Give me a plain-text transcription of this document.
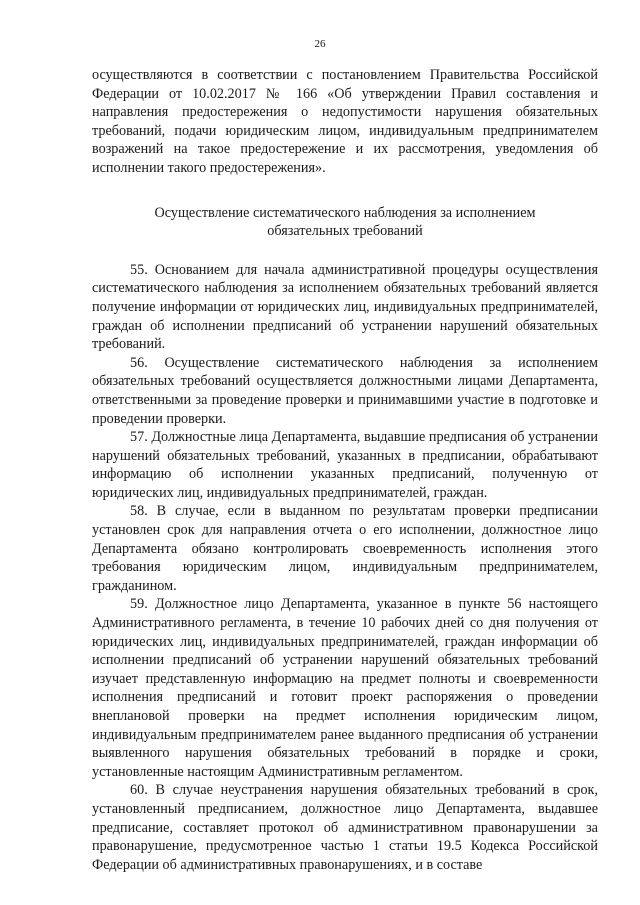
26

осуществляются в соответствии с постановлением Правительства Российской Федерации от 10.02.2017 № 166 «Об утверждении Правил составления и направления предостережения о недопустимости нарушения обязательных требований, подачи юридическим лицом, индивидуальным предпринимателем возражений на такое предостережение и их рассмотрения, уведомления об исполнении такого предостережения».

Осуществление систематического наблюдения за исполнением
обязательных требований

55. Основанием для начала административной процедуры осуществления систематического наблюдения за исполнением обязательных требований является получение информации от юридических лиц, индивидуальных предпринимателей, граждан об исполнении предписаний об устранении нарушений обязательных требований.

56. Осуществление систематического наблюдения за исполнением обязательных требований осуществляется должностными лицами Департамента, ответственными за проведение проверки и принимавшими участие в подготовке и проведении проверки.

57. Должностные лица Департамента, выдавшие предписания об устранении нарушений обязательных требований, указанных в предписании, обрабатывают информацию об исполнении указанных предписаний, полученную от юридических лиц, индивидуальных предпринимателей, граждан.

58. В случае, если в выданном по результатам проверки предписании установлен срок для направления отчета о его исполнении, должностное лицо Департамента обязано контролировать своевременность исполнения этого требования юридическим лицом, индивидуальным предпринимателем, гражданином.

59. Должностное лицо Департамента, указанное в пункте 56 настоящего Административного регламента, в течение 10 рабочих дней со дня получения от юридических лиц, индивидуальных предпринимателей, граждан информации об исполнении предписаний об устранении нарушений обязательных требований изучает представленную информацию на предмет полноты и своевременности исполнения предписаний и готовит проект распоряжения о проведении внеплановой проверки на предмет исполнения юридическим лицом, индивидуальным предпринимателем ранее выданного предписания об устранении выявленного нарушения обязательных требований в порядке и сроки, установленные настоящим Административным регламентом.

60. В случае неустранения нарушения обязательных требований в срок, установленный предписанием, должностное лицо Департамента, выдавшее предписание, составляет протокол об административном правонарушении за правонарушение, предусмотренное частью 1 статьи 19.5 Кодекса Российской Федерации об административных правонарушениях, и в составе
